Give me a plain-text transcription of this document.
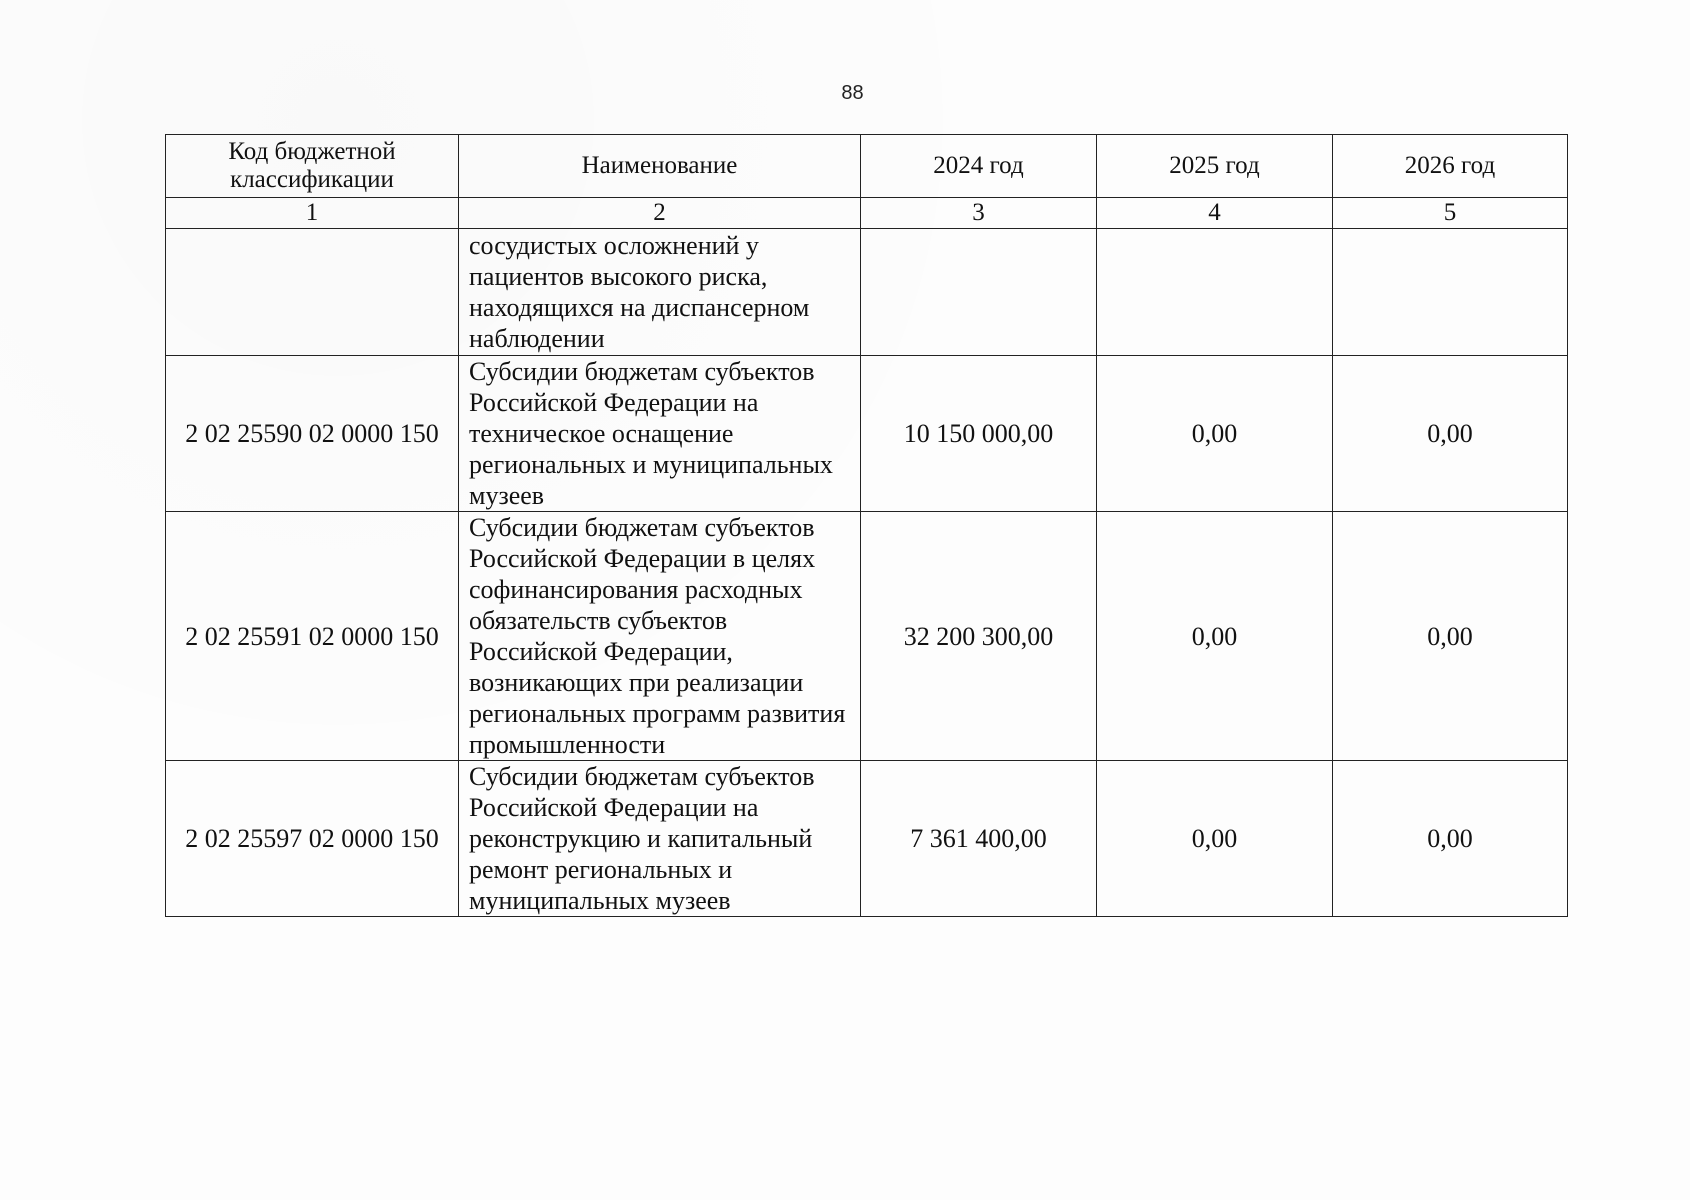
88
Код бюджетной классификации	Наименование	2024 год	2025 год	2026 год
1	2	3	4	5
	сосудистых осложнений у пациентов высокого риска, находящихся на диспансерном наблюдении			
2 02 25590 02 0000 150	Субсидии бюджетам субъектов Российской Федерации на техническое оснащение региональных и муниципальных музеев	10 150 000,00	0,00	0,00
2 02 25591 02 0000 150	Субсидии бюджетам субъектов Российской Федерации в целях софинансирования расходных обязательств субъектов Российской Федерации, возникающих при реализации региональных программ развития промышленности	32 200 300,00	0,00	0,00
2 02 25597 02 0000 150	Субсидии бюджетам субъектов Российской Федерации на реконструкцию и капитальный ремонт региональных и муниципальных музеев	7 361 400,00	0,00	0,00
